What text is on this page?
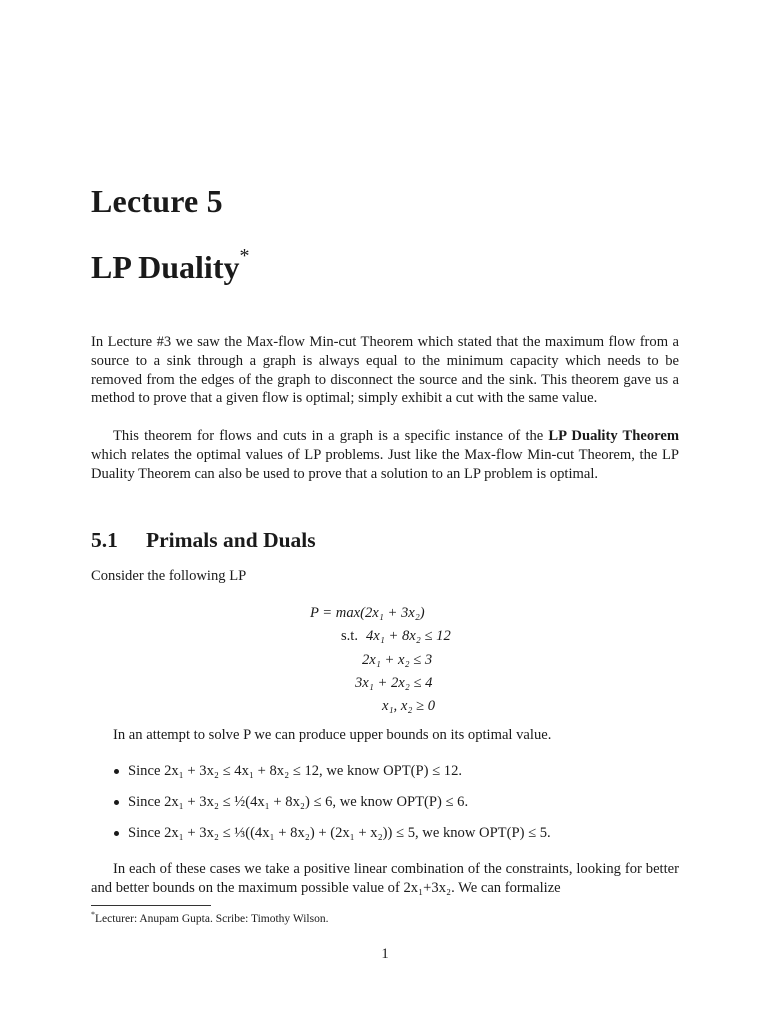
Lecture 5
LP Duality*

In Lecture #3 we saw the Max-flow Min-cut Theorem which stated that the maximum flow from a source to a sink through a graph is always equal to the minimum capacity which needs to be removed from the edges of the graph to disconnect the source and the sink. This theorem gave us a method to prove that a given flow is optimal; simply exhibit a cut with the same value.

This theorem for flows and cuts in a graph is a specific instance of the LP Duality Theorem which relates the optimal values of LP problems. Just like the Max-flow Min-cut Theorem, the LP Duality Theorem can also be used to prove that a solution to an LP problem is optimal.

5.1 Primals and Duals

Consider the following LP

P = max(2x₁ + 3x₂)
s.t. 4x₁ + 8x₂ ≤ 12
2x₁ + x₂ ≤ 3
3x₁ + 2x₂ ≤ 4
x₁, x₂ ≥ 0

In an attempt to solve P we can produce upper bounds on its optimal value.

Since 2x₁ + 3x₂ ≤ 4x₁ + 8x₂ ≤ 12, we know OPT(P) ≤ 12.
Since 2x₁ + 3x₂ ≤ ½(4x₁ + 8x₂) ≤ 6, we know OPT(P) ≤ 6.
Since 2x₁ + 3x₂ ≤ ⅓((4x₁ + 8x₂) + (2x₁ + x₂)) ≤ 5, we know OPT(P) ≤ 5.

In each of these cases we take a positive linear combination of the constraints, looking for better and better bounds on the maximum possible value of 2x₁+3x₂. We can formalize

*Lecturer: Anupam Gupta. Scribe: Timothy Wilson.

1
